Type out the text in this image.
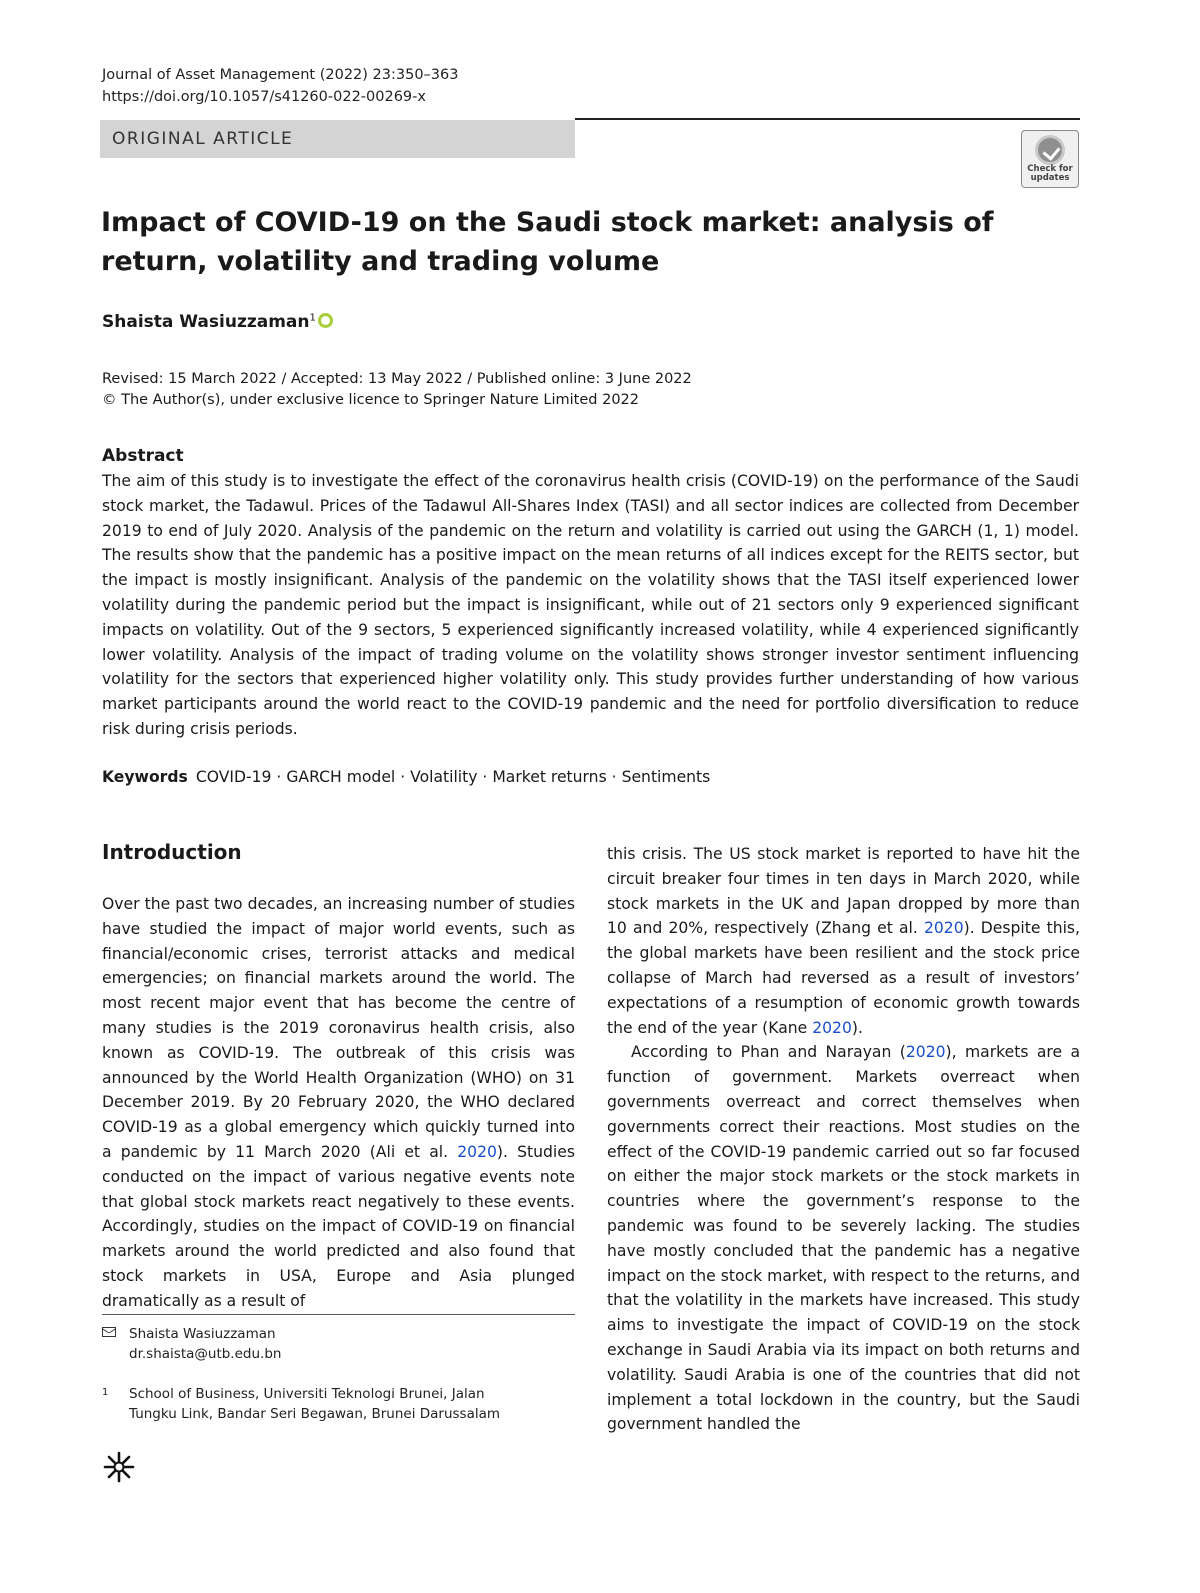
Journal of Asset Management (2022) 23:350–363
https://doi.org/10.1057/s41260-022-00269-x
ORIGINAL ARTICLE
Check for updates
Impact of COVID-19 on the Saudi stock market: analysis of return, volatility and trading volume
Shaista Wasiuzzaman$^1$
Revised: 15 March 2022 / Accepted: 13 May 2022 / Published online: 3 June 2022
© The Author(s), under exclusive licence to Springer Nature Limited 2022
Abstract

The aim of this study is to investigate the effect of the coronavirus health crisis (COVID-19) on the performance of the Saudi stock market, the Tadawul. Prices of the Tadawul All-Shares Index (TASI) and all sector indices are collected from December 2019 to end of July 2020. Analysis of the pandemic on the return and volatility is carried out using the GARCH (1, 1) model. The results show that the pandemic has a positive impact on the mean returns of all indices except for the REITS sector, but the impact is mostly insignificant. Analysis of the pandemic on the volatility shows that the TASI itself experienced lower volatility during the pandemic period but the impact is insignificant, while out of 21 sectors only 9 experienced significant impacts on volatility. Out of the 9 sectors, 5 experienced significantly increased volatility, while 4 experienced significantly lower volatility. Analysis of the impact of trading volume on the volatility shows stronger investor sentiment influencing volatility for the sectors that experienced higher volatility only. This study provides further understanding of how various market participants around the world react to the COVID-19 pandemic and the need for portfolio diversification to reduce risk during crisis periods.

Keywords COVID-19 · GARCH model · Volatility · Market returns · Sentiments
Introduction

Over the past two decades, an increasing number of studies have studied the impact of major world events, such as financial/economic crises, terrorist attacks and medical emergencies; on financial markets around the world. The most recent major event that has become the centre of many studies is the 2019 coronavirus health crisis, also known as COVID-19. The outbreak of this crisis was announced by the World Health Organization (WHO) on 31 December 2019. By 20 February 2020, the WHO declared COVID-19 as a global emergency which quickly turned into a pandemic by 11 March 2020 (Ali et al. 2020). Studies conducted on the impact of various negative events note that global stock markets react negatively to these events. Accordingly, studies on the impact of COVID-19 on financial markets around the world predicted and also found that stock markets in USA, Europe and Asia plunged dramatically as a result of

this crisis. The US stock market is reported to have hit the circuit breaker four times in ten days in March 2020, while stock markets in the UK and Japan dropped by more than 10 and 20%, respectively (Zhang et al. 2020). Despite this, the global markets have been resilient and the stock price collapse of March had reversed as a result of investors’ expectations of a resumption of economic growth towards the end of the year (Kane 2020).

According to Phan and Narayan (2020), markets are a function of government. Markets overreact when governments overreact and correct themselves when governments correct their reactions. Most studies on the effect of the COVID-19 pandemic carried out so far focused on either the major stock markets or the stock markets in countries where the government’s response to the pandemic was found to be severely lacking. The studies have mostly concluded that the pandemic has a negative impact on the stock market, with respect to the returns, and that the volatility in the markets have increased. This study aims to investigate the impact of COVID-19 on the stock exchange in Saudi Arabia via its impact on both returns and volatility. Saudi Arabia is one of the countries that did not implement a total lockdown in the country, but the Saudi government handled the

Shaista Wasiuzzaman
dr.shaista@utb.edu.bn
1 School of Business, Universiti Teknologi Brunei, Jalan
Tungku Link, Bandar Seri Begawan, Brunei Darussalam
